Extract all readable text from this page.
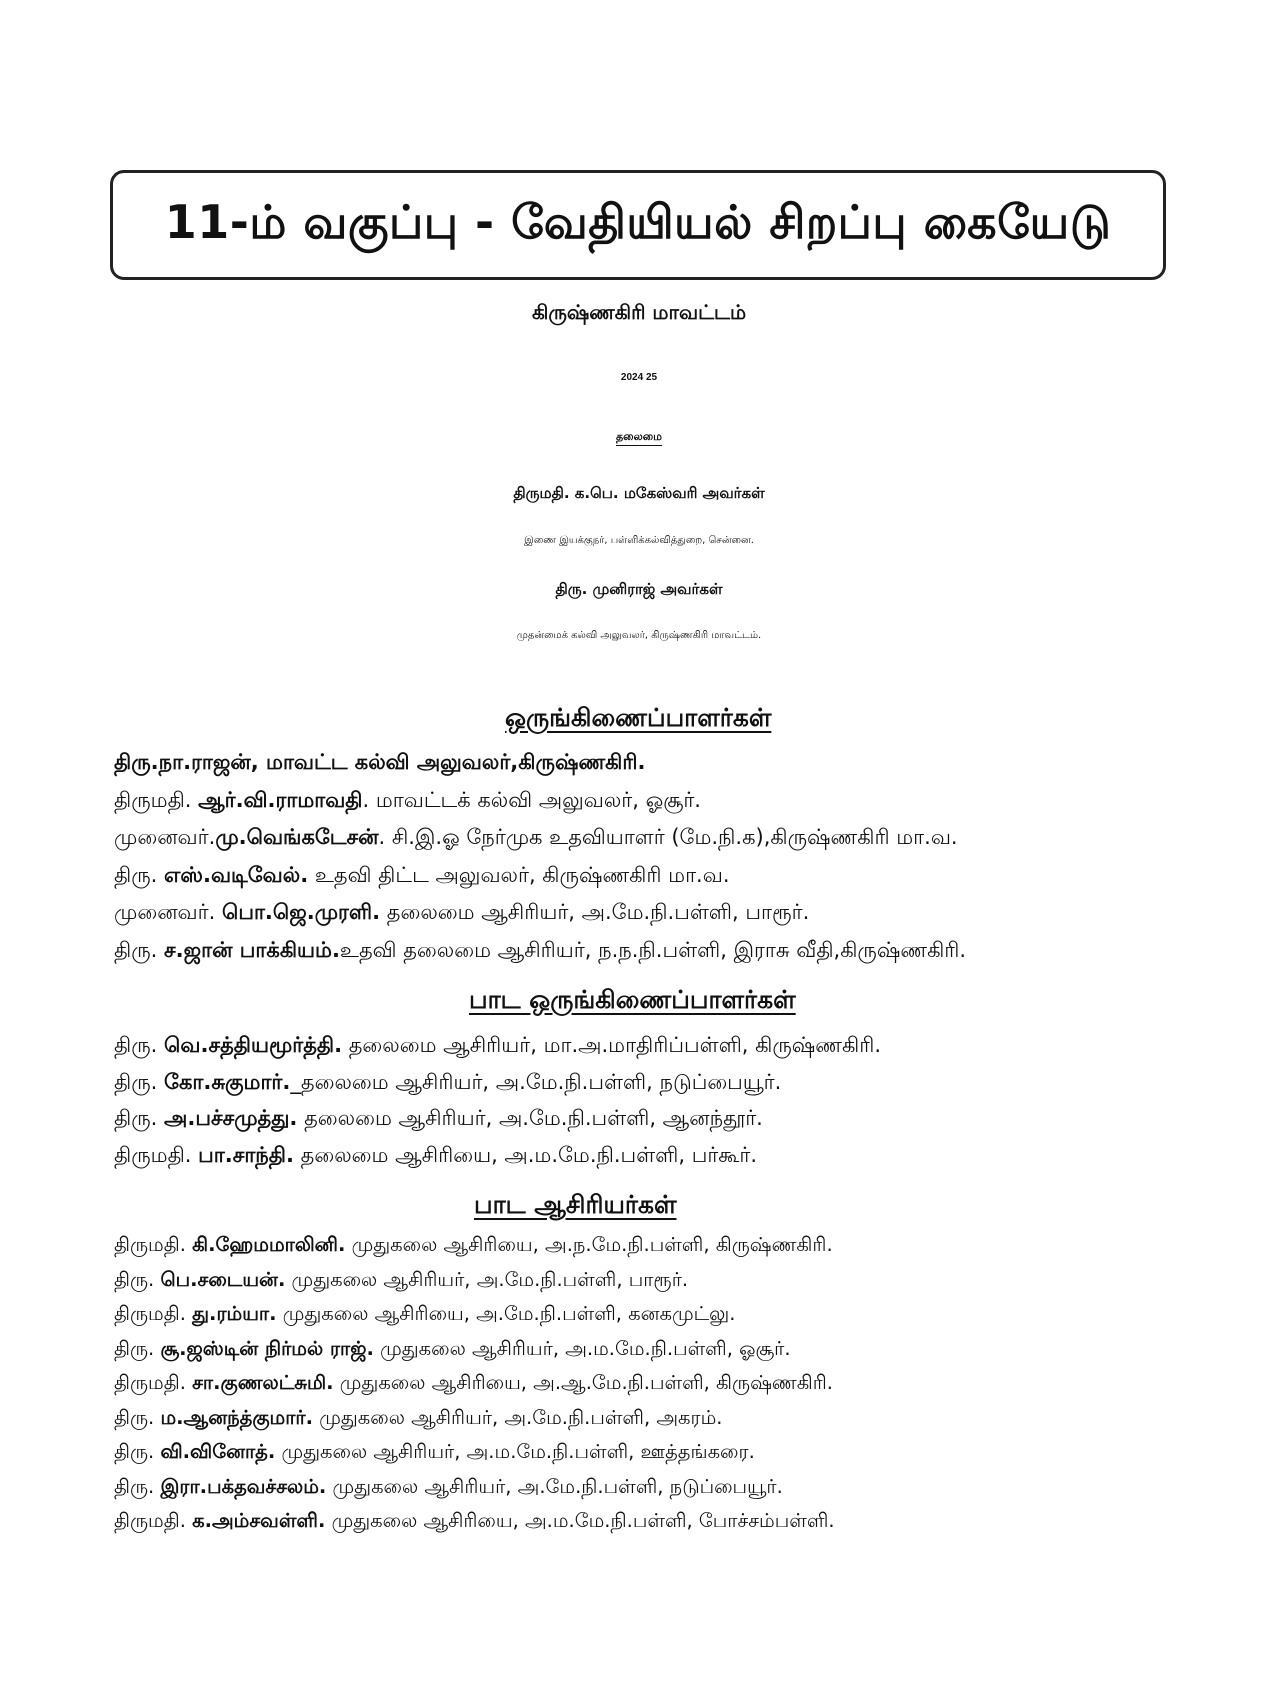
11-ம் வகுப்பு - வேதியியல் சிறப்பு கையேடு
கிருஷ்ணகிரி மாவட்டம்
2024 25
தலைமை
திருமதி. க.பெ. மகேஸ்வரி அவர்கள்
இணை இயக்குநர், பள்ளிக்கல்வித்துறை, சென்னை.
திரு. முனிராஜ் அவர்கள்
முதன்மைக் கல்வி அலுவலர், கிருஷ்ணகிரி மாவட்டம்.
ஒருங்கிணைப்பாளர்கள்
திரு.நா.ராஜன், மாவட்ட கல்வி அலுவலர்,கிருஷ்ணகிரி.
திருமதி. ஆர்.வி.ராமாவதி. மாவட்டக் கல்வி அலுவலர், ஓசூர்.
முனைவர்.மு.வெங்கடேசன். சி.இ.ஓ நேர்முக உதவியாளர் (மே.நி.க),கிருஷ்ணகிரி மா.வ.
திரு. எஸ்.வடிவேல். உதவி திட்ட அலுவலர், கிருஷ்ணகிரி மா.வ.
முனைவர். பொ.ஜெ.முரளி. தலைமை ஆசிரியர், அ.மே.நி.பள்ளி, பாரூர்.
திரு. ச.ஜான் பாக்கியம்.உதவி தலைமை ஆசிரியர், ந.ந.நி.பள்ளி, இராசு வீதி,கிருஷ்ணகிரி.
பாட ஒருங்கிணைப்பாளர்கள்
திரு. வெ.சத்தியமூர்த்தி. தலைமை ஆசிரியர், மா.அ.மாதிரிப்பள்ளி, கிருஷ்ணகிரி.
திரு. கோ.சுகுமார்._தலைமை ஆசிரியர், அ.மே.நி.பள்ளி, நடுப்பையூர்.
திரு. அ.பச்சமுத்து. தலைமை ஆசிரியர், அ.மே.நி.பள்ளி, ஆனந்தூர்.
திருமதி. பா.சாந்தி. தலைமை ஆசிரியை, அ.ம.மே.நி.பள்ளி, பர்கூர்.
பாட ஆசிரியர்கள்
திருமதி. கி.ஹேமமாலினி. முதுகலை ஆசிரியை, அ.ந.மே.நி.பள்ளி, கிருஷ்ணகிரி.
திரு. பெ.சடையன். முதுகலை ஆசிரியர், அ.மே.நி.பள்ளி, பாரூர்.
திருமதி. து.ரம்யா. முதுகலை ஆசிரியை, அ.மே.நி.பள்ளி, கனகமுட்லு.
திரு. சூ.ஜஸ்டின் நிர்மல் ராஜ். முதுகலை ஆசிரியர், அ.ம.மே.நி.பள்ளி, ஓசூர்.
திருமதி. சா.குணலட்சுமி. முதுகலை ஆசிரியை, அ.ஆ.மே.நி.பள்ளி, கிருஷ்ணகிரி.
திரு. ம.ஆனந்த்குமார். முதுகலை ஆசிரியர், அ.மே.நி.பள்ளி, அகரம்.
திரு. வி.வினோத். முதுகலை ஆசிரியர், அ.ம.மே.நி.பள்ளி, ஊத்தங்கரை.
திரு. இரா.பக்தவச்சலம். முதுகலை ஆசிரியர், அ.மே.நி.பள்ளி, நடுப்பையூர்.
திருமதி. க.அம்சவள்ளி. முதுகலை ஆசிரியை, அ.ம.மே.நி.பள்ளி, போச்சம்பள்ளி.
